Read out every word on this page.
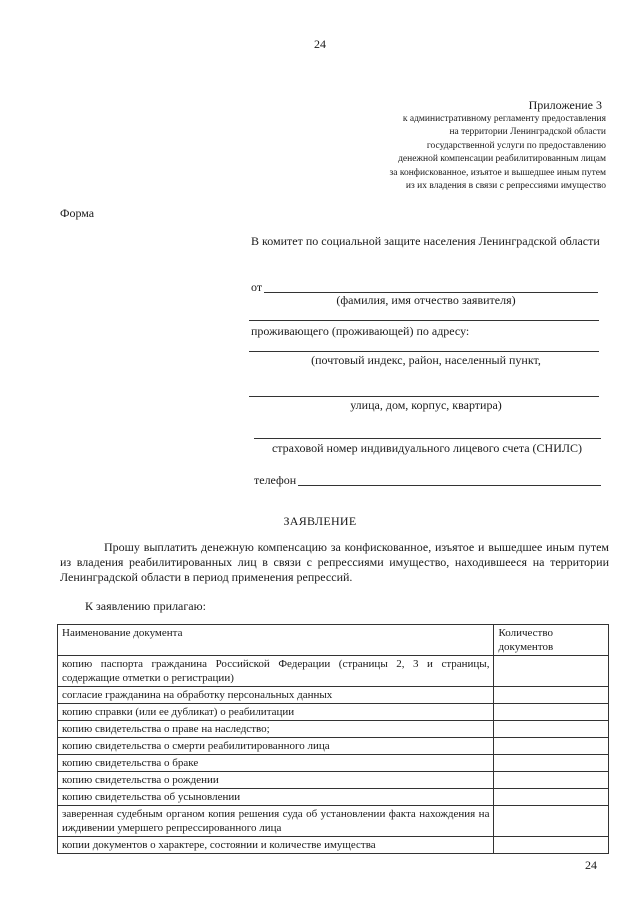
24
Приложение 3
к административному регламенту предоставления
на территории Ленинградской области
государственной услуги по предоставлению
денежной компенсации реабилитированным лицам
за конфискованное, изъятое и вышедшее иным путем
из их владения в связи с репрессиями имущество
Форма
В комитет по социальной защите населения Ленинградской области
от
(фамилия, имя отчество заявителя)
проживающего (проживающей) по адресу:
(почтовый индекс, район, населенный пункт,
улица, дом, корпус, квартира)
страховой номер индивидуального лицевого счета (СНИЛС)
телефон
ЗАЯВЛЕНИЕ
Прошу выплатить денежную компенсацию за конфискованное, изъятое и вышедшее иным путем из владения реабилитированных лиц в связи с репрессиями имущество, находившееся на территории Ленинградской области в период применения репрессий.
К заявлению прилагаю:
Наименование документа	Количество документов
копию паспорта гражданина Российской Федерации (страницы 2, 3 и страницы, содержащие отметки о регистрации)	
согласие гражданина на обработку персональных данных	
копию справки (или ее дубликат) о реабилитации	
копию свидетельства о праве на наследство;	
копию свидетельства о смерти реабилитированного лица	
копию свидетельства о браке	
копию свидетельства о рождении	
копию свидетельства об усыновлении	
заверенная судебным органом копия решения суда об установлении факта нахождения на иждивении умершего репрессированного лица	
копии документов о характере, состоянии и количестве имущества	
24
